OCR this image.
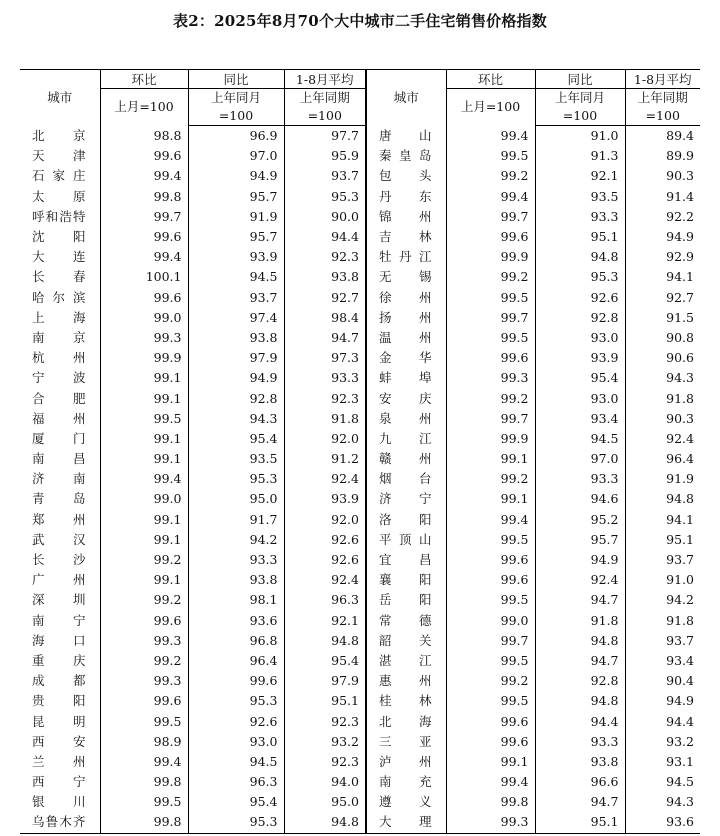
表2：2025年8月70个大中城市二手住宅销售价格指数
城市	环比	同比	1-8月平均	城市	环比	同比	1-8月平均
	上月=100	上年同月	上年同期		上月=100	上年同月	上年同期
		=100	=100			=100	=100
北　京	98.8	96.9	97.7	唐　山	99.4	91.0	89.4
天　津	99.6	97.0	95.9	秦皇岛	99.5	91.3	89.9
石家庄	99.4	94.9	93.7	包　头	99.2	92.1	90.3
太　原	99.8	95.7	95.3	丹　东	99.4	93.5	91.4
呼和浩特	99.7	91.9	90.0	锦　州	99.7	93.3	92.2
沈　阳	99.6	95.7	94.4	吉　林	99.6	95.1	94.9
大　连	99.4	93.9	92.3	牡丹江	99.9	94.8	92.9
长　春	100.1	94.5	93.8	无　锡	99.2	95.3	94.1
哈尔滨	99.6	93.7	92.7	徐　州	99.5	92.6	92.7
上　海	99.0	97.4	98.4	扬　州	99.7	92.8	91.5
南　京	99.3	93.8	94.7	温　州	99.5	93.0	90.8
杭　州	99.9	97.9	97.3	金　华	99.6	93.9	90.6
宁　波	99.1	94.9	93.3	蚌　埠	99.3	95.4	94.3
合　肥	99.1	92.8	92.3	安　庆	99.2	93.0	91.8
福　州	99.5	94.3	91.8	泉　州	99.7	93.4	90.3
厦　门	99.1	95.4	92.0	九　江	99.9	94.5	92.4
南　昌	99.1	93.5	91.2	赣　州	99.1	97.0	96.4
济　南	99.4	95.3	92.4	烟　台	99.2	93.3	91.9
青　岛	99.0	95.0	93.9	济　宁	99.1	94.6	94.8
郑　州	99.1	91.7	92.0	洛　阳	99.4	95.2	94.1
武　汉	99.1	94.2	92.6	平顶山	99.5	95.7	95.1
长　沙	99.2	93.3	92.6	宜　昌	99.6	94.9	93.7
广　州	99.1	93.8	92.4	襄　阳	99.6	92.4	91.0
深　圳	99.2	98.1	96.3	岳　阳	99.5	94.7	94.2
南　宁	99.6	93.6	92.1	常　德	99.0	91.8	91.8
海　口	99.3	96.8	94.8	韶　关	99.7	94.8	93.7
重　庆	99.2	96.4	95.4	湛　江	99.5	94.7	93.4
成　都	99.3	99.6	97.9	惠　州	99.2	92.8	90.4
贵　阳	99.6	95.3	95.1	桂　林	99.5	94.8	94.9
昆　明	99.5	92.6	92.3	北　海	99.6	94.4	94.4
西　安	98.9	93.0	93.2	三　亚	99.6	93.3	93.2
兰　州	99.4	94.5	92.3	泸　州	99.1	93.8	93.1
西　宁	99.8	96.3	94.0	南　充	99.4	96.6	94.5
银　川	99.5	95.4	95.0	遵　义	99.8	94.7	94.3
乌鲁木齐	99.8	95.3	94.8	大　理	99.3	95.1	93.6
